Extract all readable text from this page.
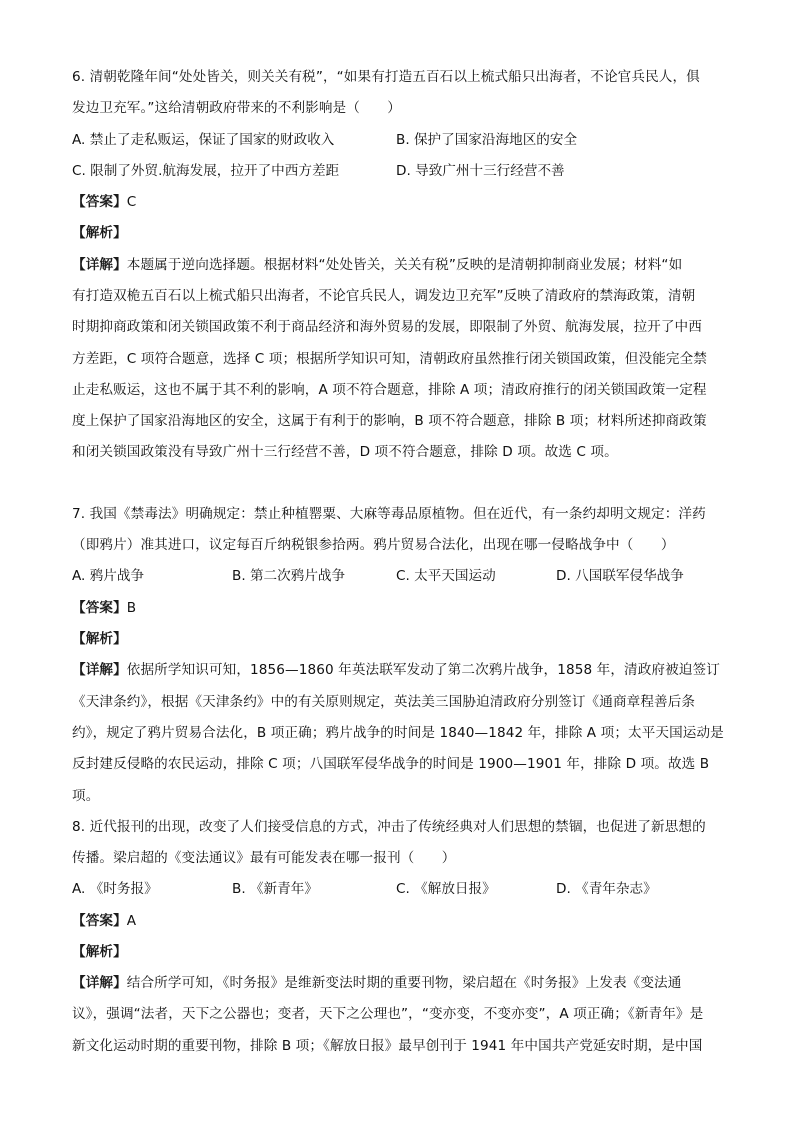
6. 清朝乾隆年间“处处皆关，则关关有税”，“如果有打造五百石以上梳式船只出海者，不论官兵民人，俱
发边卫充军。”这给清朝政府带来的不利影响是（　　）
A. 禁止了走私贩运，保证了国家的财政收入	B. 保护了国家沿海地区的安全
C. 限制了外贸.航海发展，拉开了中西方差距	D. 导致广州十三行经营不善
【答案】C
【解析】
【详解】本题属于逆向选择题。根据材料“处处皆关，关关有税”反映的是清朝抑制商业发展；材料“如
有打造双桅五百石以上梳式船只出海者，不论官兵民人，调发边卫充军”反映了清政府的禁海政策，清朝
时期抑商政策和闭关锁国政策不利于商品经济和海外贸易的发展，即限制了外贸、航海发展，拉开了中西
方差距，C 项符合题意，选择 C 项；根据所学知识可知，清朝政府虽然推行闭关锁国政策，但没能完全禁
止走私贩运，这也不属于其不利的影响，A 项不符合题意，排除 A 项；清政府推行的闭关锁国政策一定程
度上保护了国家沿海地区的安全，这属于有利于的影响，B 项不符合题意，排除 B 项；材料所述抑商政策
和闭关锁国政策没有导致广州十三行经营不善，D 项不符合题意，排除 D 项。故选 C 项。
7. 我国《禁毒法》明确规定：禁止种植罂粟、大麻等毒品原植物。但在近代，有一条约却明文规定：洋药
（即鸦片）准其进口，议定每百斤纳税银参拾两。鸦片贸易合法化，出现在哪一侵略战争中（　　）
A. 鸦片战争	B. 第二次鸦片战争	C. 太平天国运动	D. 八国联军侵华战争
【答案】B
【解析】
【详解】依据所学知识可知，1856—1860 年英法联军发动了第二次鸦片战争，1858 年，清政府被迫签订
《天津条约》，根据《天津条约》中的有关原则规定，英法美三国胁迫清政府分别签订《通商章程善后条
约》，规定了鸦片贸易合法化，B 项正确；鸦片战争的时间是 1840—1842 年，排除 A 项；太平天国运动是
反封建反侵略的农民运动，排除 C 项；八国联军侵华战争的时间是 1900—1901 年，排除 D 项。故选 B
项。
8. 近代报刊的出现，改变了人们接受信息的方式，冲击了传统经典对人们思想的禁锢，也促进了新思想的
传播。梁启超的《变法通议》最有可能发表在哪一报刊（　　）
A. 《时务报》	B. 《新青年》	C. 《解放日报》	D. 《青年杂志》
【答案】A
【解析】
【详解】结合所学可知，《时务报》是维新变法时期的重要刊物，梁启超在《时务报》上发表《变法通
议》，强调“法者，天下之公器也；变者，天下之公理也”，“变亦变，不变亦变”，A 项正确；《新青年》是
新文化运动时期的重要刊物，排除 B 项；《解放日报》最早创刊于 1941 年中国共产党延安时期，是中国
